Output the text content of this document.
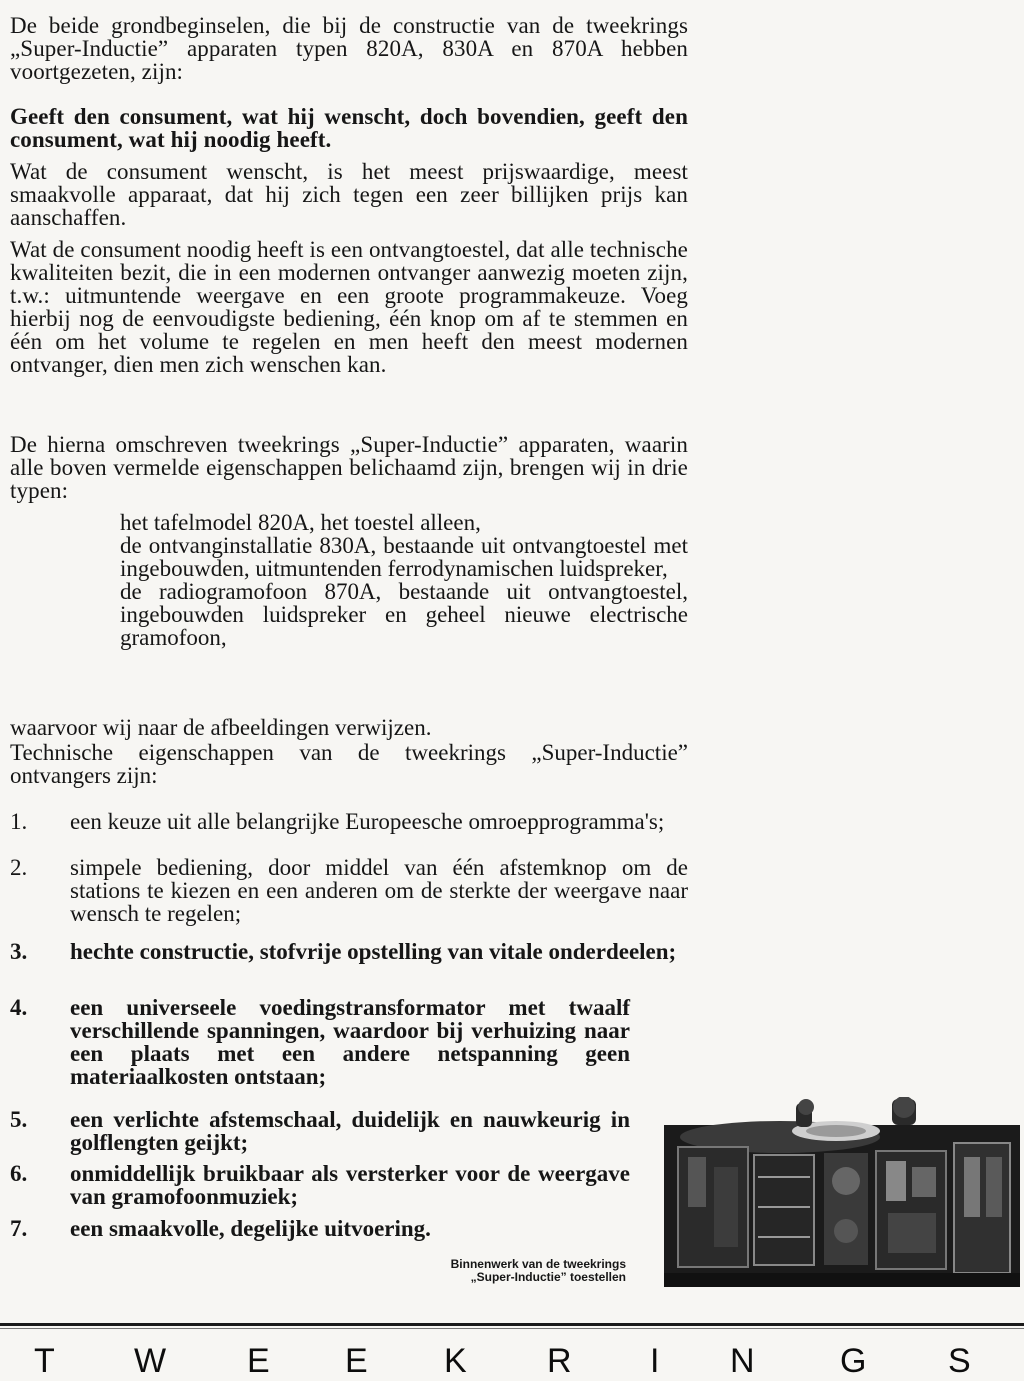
De beide grondbeginselen, die bij de constructie van de tweekrings „Super-Inductie” apparaten typen 820A, 830A en 870A hebben voortgezeten, zijn:
Geeft den consument, wat hij wenscht, doch bovendien, geeft den consument, wat hij noodig heeft.
Wat de consument wenscht, is het meest prijswaardige, meest smaakvolle apparaat, dat hij zich tegen een zeer billijken prijs kan aanschaffen.
Wat de consument noodig heeft is een ontvangtoestel, dat alle technische kwaliteiten bezit, die in een modernen ontvanger aanwezig moeten zijn, t.w.: uitmuntende weergave en een groote programmakeuze. Voeg hierbij nog de eenvoudigste bediening, één knop om af te stemmen en één om het volume te regelen en men heeft den meest modernen ontvanger, dien men zich wenschen kan.
De hierna omschreven tweekrings „Super-Inductie” apparaten, waarin alle boven vermelde eigenschappen belichaamd zijn, brengen wij in drie typen:
het tafelmodel 820A, het toestel alleen,
de ontvanginstallatie 830A, bestaande uit ontvangtoestel met ingebouwden, uitmuntenden ferrodynamischen luidspreker,
de radiogramofoon 870A, bestaande uit ontvangtoestel, ingebouwden luidspreker en geheel nieuwe electrische gramofoon,
waarvoor wij naar de afbeeldingen verwijzen.
Technische eigenschappen van de tweekrings „Super-Inductie” ontvangers zijn:
1.	een keuze uit alle belangrijke Europeesche omroepprogramma's;
2.	simpele bediening, door middel van één afstemknop om de stations te kiezen en een anderen om de sterkte der weergave naar wensch te regelen;
3.	hechte constructie, stofvrije opstelling van vitale onderdeelen;
4.	een universeele voedingstransformator met twaalf verschillende spanningen, waardoor bij verhuizing naar een plaats met een andere netspanning geen materiaalkosten ontstaan;
5.	een verlichte afstemschaal, duidelijk en nauwkeurig in golflengten geijkt;
6.	onmiddellijk bruikbaar als versterker voor de weergave van gramofoonmuziek;
7.	een smaakvolle, degelijke uitvoering.
Binnenwerk van de tweekrings
„Super-Inductie” toestellen
T W E E K R I N	G S
